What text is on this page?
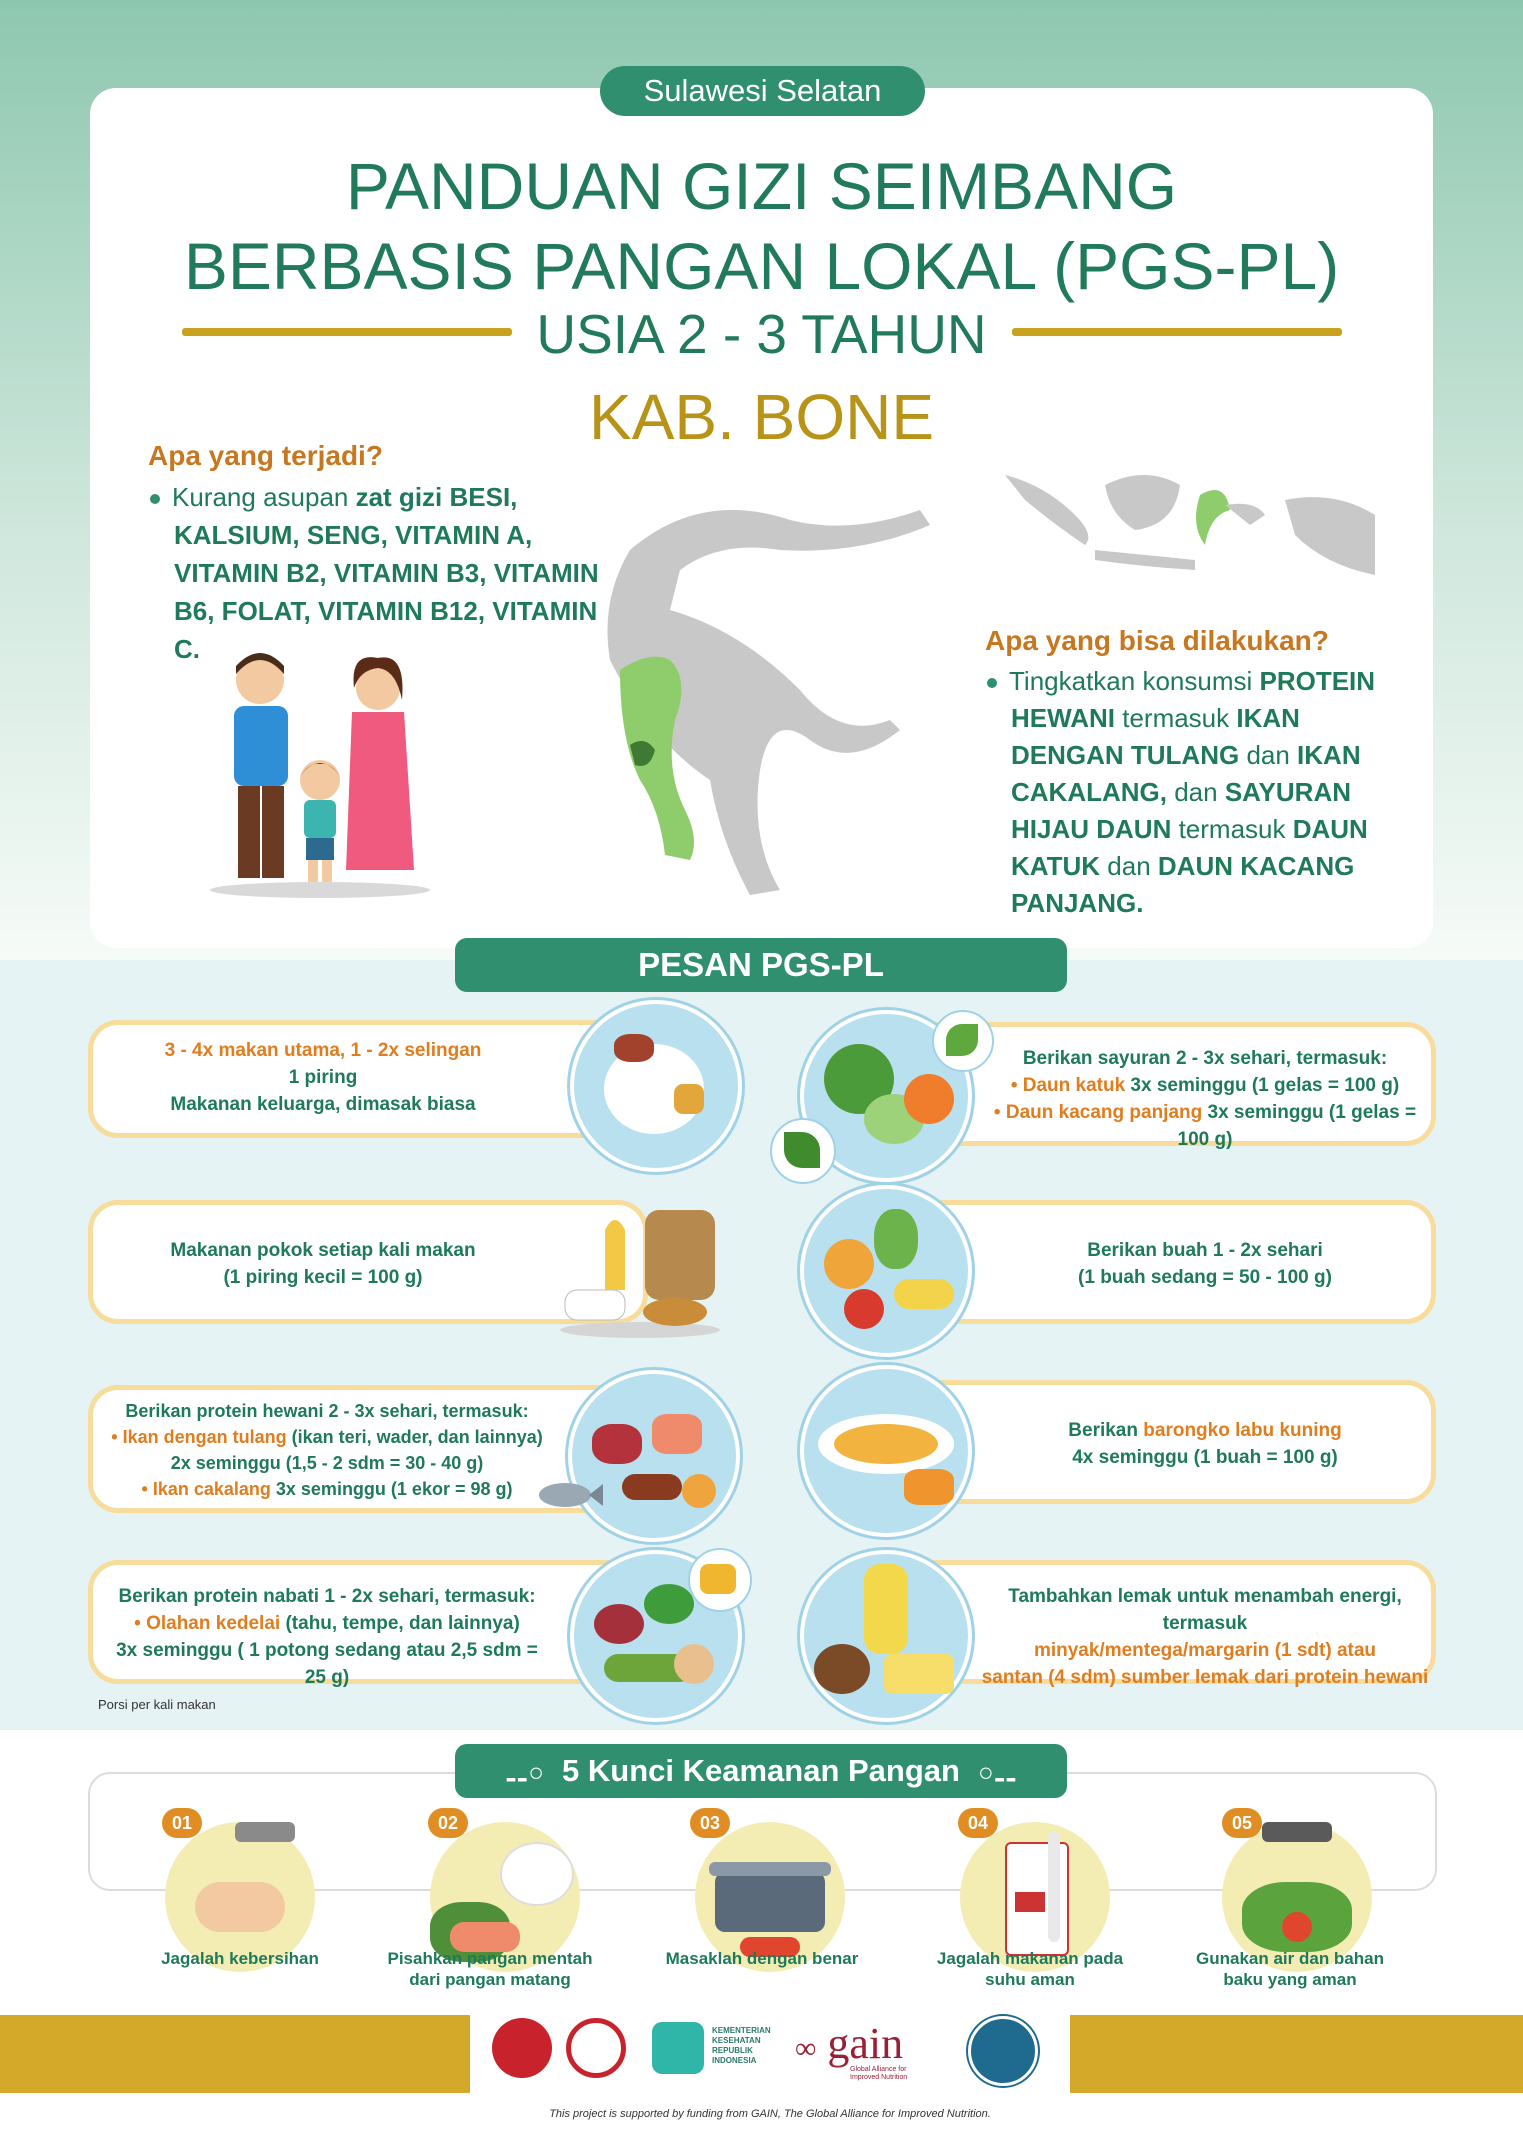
Sulawesi Selatan
PANDUAN GIZI SEIMBANG
BERBASIS PANGAN LOKAL (PGS-PL)
USIA 2 - 3 TAHUN
KAB. BONE
Apa yang terjadi?
Kurang asupan zat gizi BESI, KALSIUM, SENG, VITAMIN A, VITAMIN B2, VITAMIN B3, VITAMIN B6, FOLAT, VITAMIN B12, VITAMIN C.	Apa yang bisa dilakukan?
Tingkatkan konsumsi PROTEIN HEWANI termasuk IKAN DENGAN TULANG dan IKAN CAKALANG, dan SAYURAN HIJAU DAUN termasuk DAUN KATUK dan DAUN KACANG PANJANG.
PESAN PGS-PL
3 - 4x makan utama, 1 - 2x selingan
1 piring
Makanan keluarga, dimasak biasa
Makanan pokok setiap kali makan
(1 piring kecil = 100 g)
Berikan protein hewani 2 - 3x sehari, termasuk:
• Ikan dengan tulang (ikan teri, wader, dan lainnya)
2x seminggu (1,5 - 2 sdm = 30 - 40 g)
• Ikan cakalang 3x seminggu (1 ekor = 98 g)
Berikan protein nabati 1 - 2x sehari, termasuk:
• Olahan kedelai (tahu, tempe, dan lainnya)
3x seminggu ( 1 potong sedang atau 2,5 sdm = 25 g)
Berikan sayuran 2 - 3x sehari, termasuk:
• Daun katuk 3x seminggu (1 gelas = 100 g)
• Daun kacang panjang 3x seminggu (1 gelas = 100 g)
Berikan buah 1 - 2x sehari
(1 buah sedang = 50 - 100 g)
Berikan barongko labu kuning
4x seminggu (1 buah = 100 g)
Tambahkan lemak untuk menambah energi, termasuk
minyak/mentega/margarin (1 sdt) atau
santan (4 sdm) sumber lemak dari protein hewani
Porsi per kali makan
⚋○ 5 Kunci Keamanan Pangan ○⚋
01
Jagalah kebersihan
02
Pisahkan pangan mentah dari pangan matang
03
Masaklah dengan benar
04
Jagalah makanan pada suhu aman
05
Gunakan air dan bahan baku yang aman
KEMENTERIAN KESEHATAN REPUBLIK INDONESIA	∞ gain
Global Alliance for Improved Nutrition
This project is supported by funding from GAIN, The Global Alliance for Improved Nutrition.
